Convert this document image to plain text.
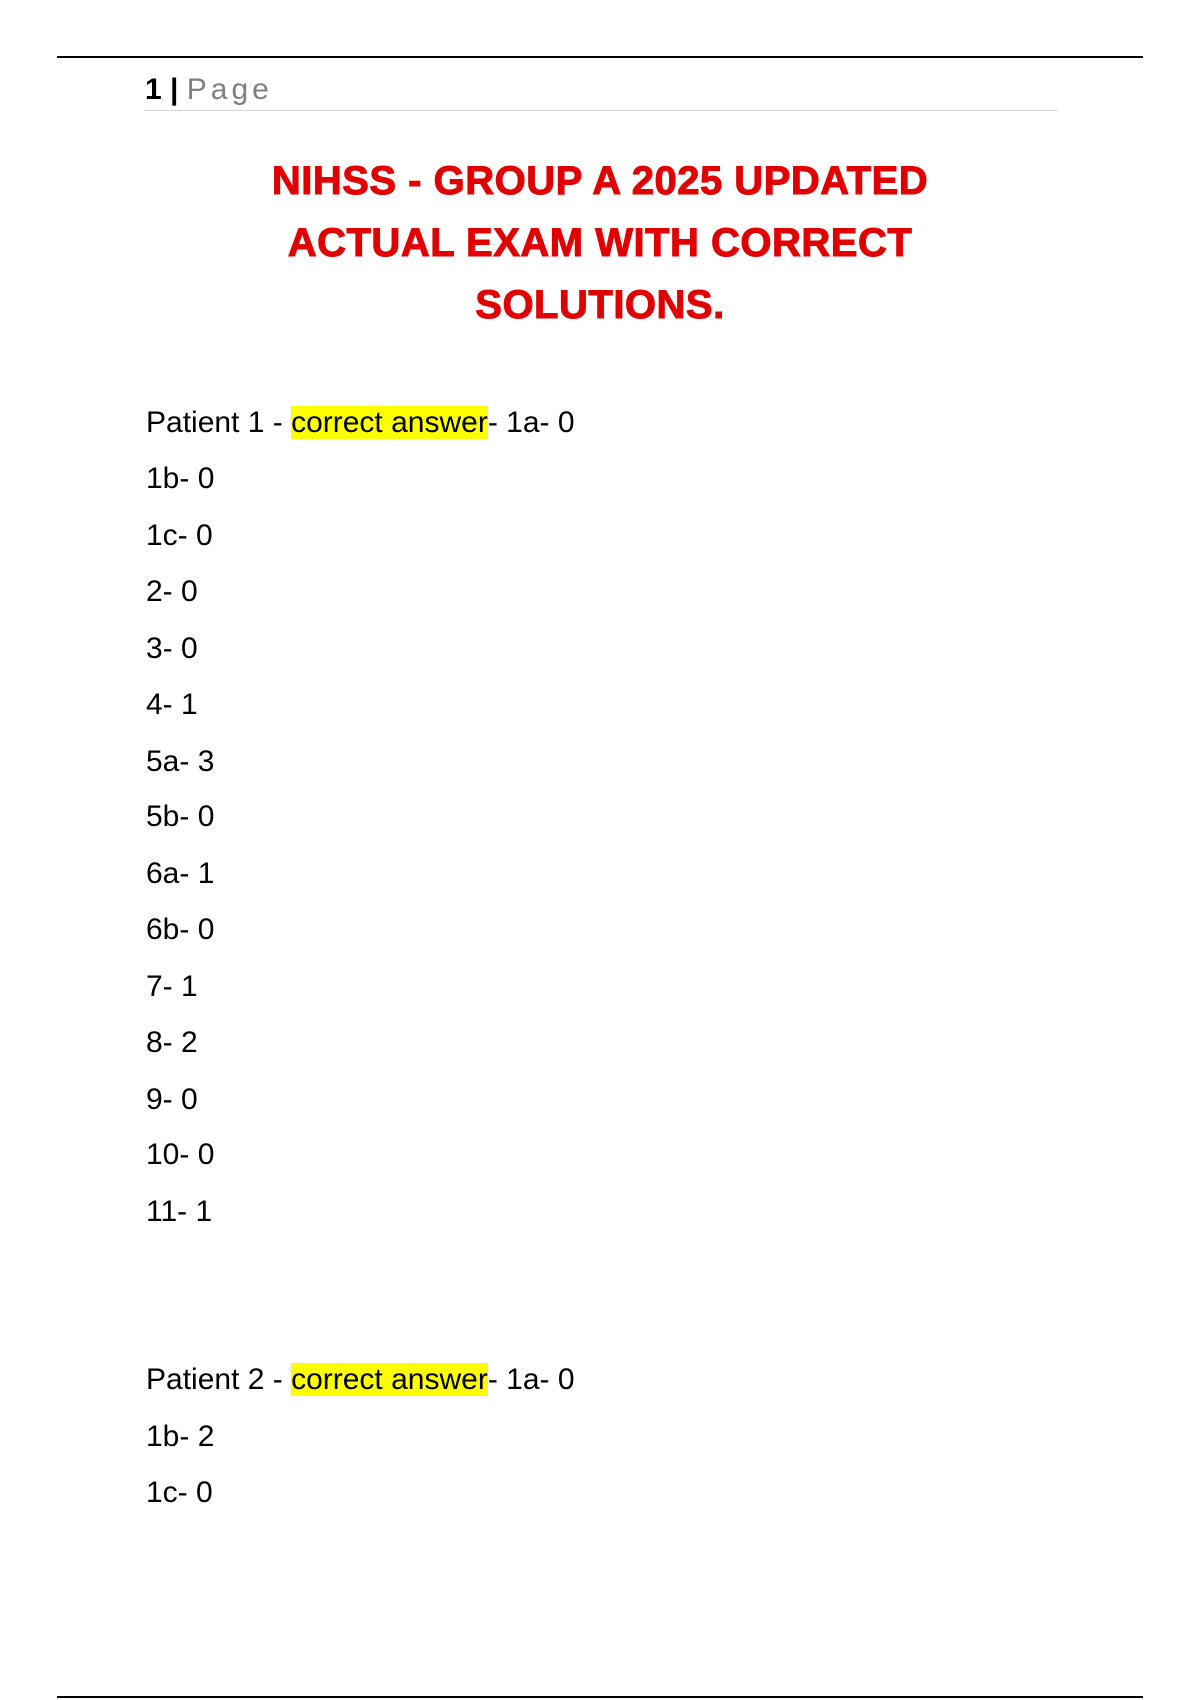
1 | Page
NIHSS - GROUP A 2025 UPDATED
ACTUAL EXAM WITH CORRECT
SOLUTIONS.
Patient 1 - correct answer- 1a- 0
1b- 0
1c- 0
2- 0
3- 0
4- 1
5a- 3
5b- 0
6a- 1
6b- 0
7- 1
8- 2
9- 0
10- 0
11- 1
Patient 2 - correct answer- 1a- 0
1b- 2
1c- 0
